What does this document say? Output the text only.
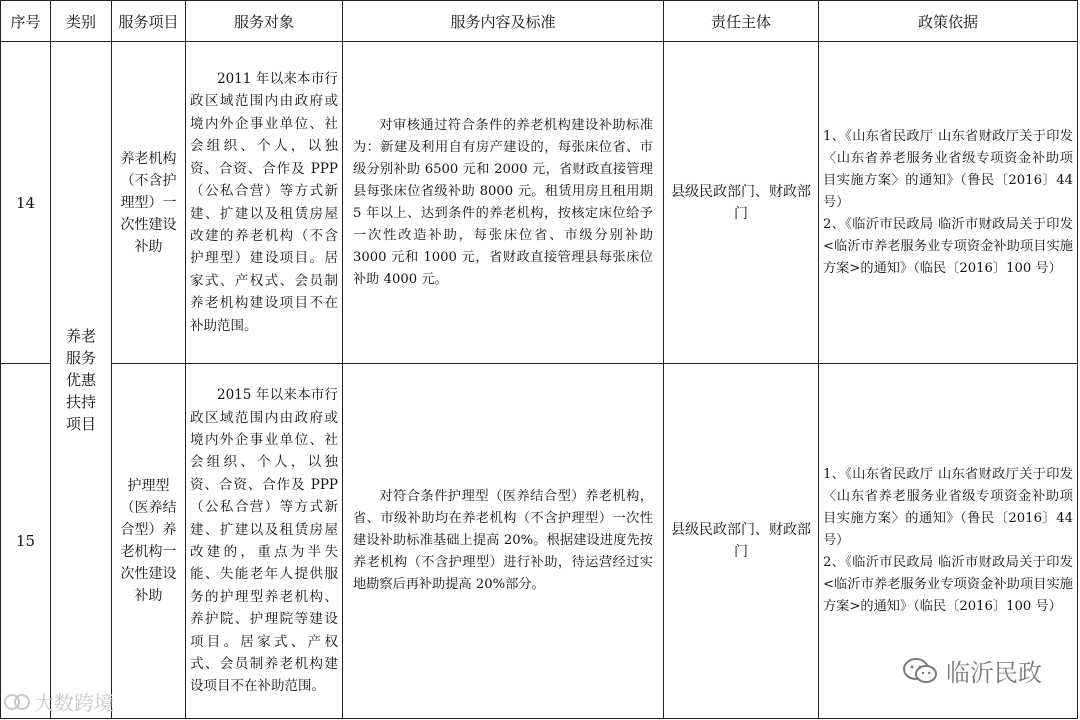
序号	类别	服务项目	服务对象	服务内容及标准	责任主体	政策依据
14	养老服务优惠扶持项目	养老机构（不含护理型）一次性建设补助	2011 年以来本市行政区域范围内由政府或境内外企事业单位、社会组织、个人，以独资、合资、合作及 PPP（公私合营）等方式新建、扩建以及租赁房屋改建的养老机构（不含护理型）建设项目。居家式、产权式、会员制养老机构建设项目不在补助范围。	对审核通过符合条件的养老机构建设补助标准为：新建及利用自有房产建设的，每张床位省、市级分别补助 6500 元和 2000 元，省财政直接管理县每张床位省级补助 8000 元。租赁用房且租用期 5 年以上、达到条件的养老机构，按核定床位给予一次性改造补助，每张床位省、市级分别补助 3000 元和 1000 元，省财政直接管理县每张床位补助 4000 元。	县级民政部门、财政部门	1、《山东省民政厅 山东省财政厅关于印发〈山东省养老服务业省级专项资金补助项目实施方案〉的通知》（鲁民〔2016〕44 号）
2、《临沂市民政局 临沂市财政局关于印发<临沂市养老服务业专项资金补助项目实施方案>的通知》（临民〔2016〕100 号）

15		护理型（医养结合型）养老机构一次性建设补助	2015 年以来本市行政区域范围内由政府或境内外企事业单位、社会组织、个人，以独资、合资、合作及 PPP（公私合营）等方式新建、扩建以及租赁房屋改建的，重点为半失能、失能老年人提供服务的护理型养老机构、养护院、护理院等建设项目。居家式、产权式、会员制养老机构建设项目不在补助范围。	对符合条件护理型（医养结合型）养老机构，省、市级补助均在养老机构（不含护理型）一次性建设补助标准基础上提高 20%。根据建设进度先按养老机构（不含护理型）进行补助，待运营经过实地勘察后再补助提高 20%部分。	县级民政部门、财政部门	1、《山东省民政厅 山东省财政厅关于印发〈山东省养老服务业省级专项资金补助项目实施方案〉的通知》（鲁民〔2016〕44 号）
2、《临沂市民政局 临沂市财政局关于印发<临沂市养老服务业专项资金补助项目实施方案>的通知》（临民〔2016〕100 号）
大数跨境
临沂民政
